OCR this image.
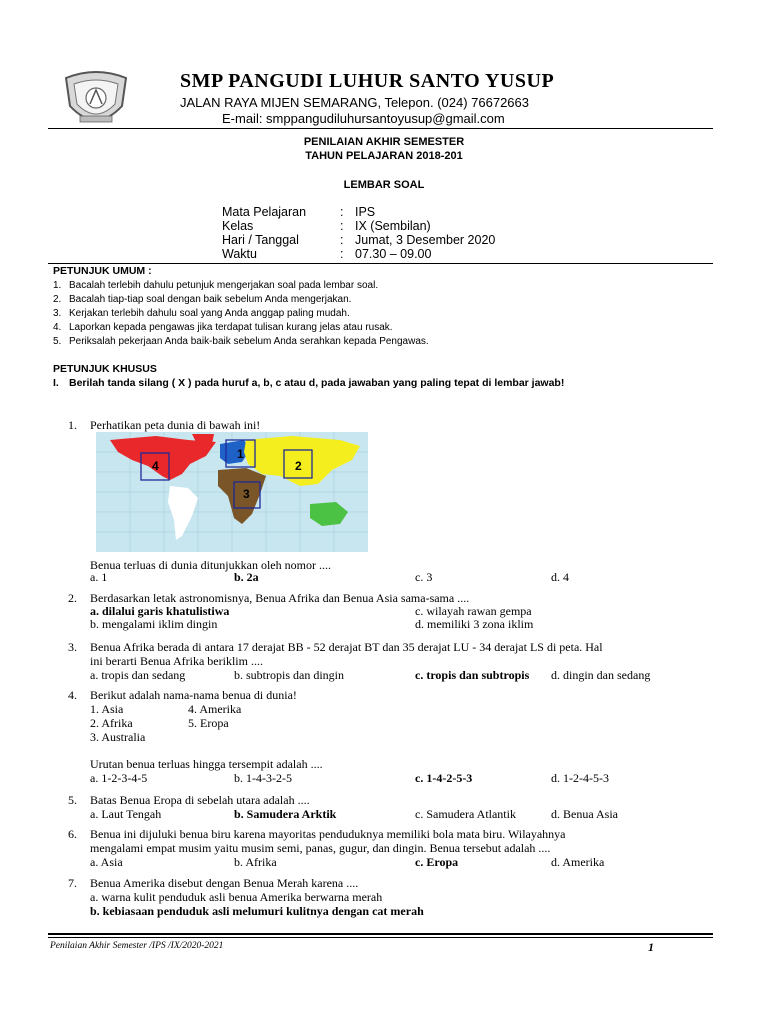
SMP PANGUDI LUHUR SANTO YUSUP
JALAN RAYA MIJEN SEMARANG, Telepon. (024) 76672663
E-mail: smppangudiluhursantoyusup@gmail.com
PENILAIAN AKHIR SEMESTER
TAHUN PELAJARAN 2018-201
LEMBAR SOAL
Mata Pelajaran	: IPS
Kelas	: IX (Sembilan)
Hari / Tanggal	: Jumat, 3 Desember 2020
Waktu	: 07.30 – 09.00
PETUNJUK UMUM :
1. Bacalah terlebih dahulu petunjuk mengerjakan soal pada lembar soal.
2. Bacalah tiap-tiap soal dengan baik sebelum Anda mengerjakan.
3. Kerjakan terlebih dahulu soal yang Anda anggap paling mudah.
4. Laporkan kepada pengawas jika terdapat tulisan kurang jelas atau rusak.
5. Periksalah pekerjaan Anda baik-baik sebelum Anda serahkan kepada Pengawas.
PETUNJUK KHUSUS
I. Berilah tanda silang ( X ) pada huruf a, b, c atau d, pada jawaban yang paling tepat di lembar jawab!
1. Perhatikan peta dunia di bawah ini!
1
2
3
4
Benua terluas di dunia ditunjukkan oleh nomor ....
a. 1	b. 2a	c. 3	d. 4
2. Berdasarkan letak astronomisnya, Benua Afrika dan Benua Asia sama-sama ....
a. dilalui garis khatulistiwa	c. wilayah rawan gempa
b. mengalami iklim dingin	d. memiliki 3 zona iklim
3. Benua Afrika berada di antara 17 derajat BB - 52 derajat BT dan 35 derajat LU - 34 derajat LS di peta. Hal
ini berarti Benua Afrika beriklim ....
a. tropis dan sedang	b. subtropis dan dingin	c. tropis dan subtropis d. dingin dan sedang
4. Berikut adalah nama-nama benua di dunia!
1. Asia	4. Amerika
2. Afrika	5. Eropa
3. Australia
Urutan benua terluas hingga tersempit adalah ....
a. 1-2-3-4-5	b. 1-4-3-2-5	c. 1-4-2-5-3	d. 1-2-4-5-3
5. Batas Benua Eropa di sebelah utara adalah ....
a. Laut Tengah	b. Samudera Arktik	c. Samudera Atlantik	d. Benua Asia
6. Benua ini dijuluki benua biru karena mayoritas penduduknya memiliki bola mata biru. Wilayahnya
mengalami empat musim yaitu musim semi, panas, gugur, dan dingin. Benua tersebut adalah ....
a. Asia	b. Afrika	c. Eropa	d. Amerika
7. Benua Amerika disebut dengan Benua Merah karena ....
a. warna kulit penduduk asli benua Amerika berwarna merah
b. kebiasaan penduduk asli melumuri kulitnya dengan cat merah
Penilaian Akhir Semester /IPS /IX/2020-2021	1
